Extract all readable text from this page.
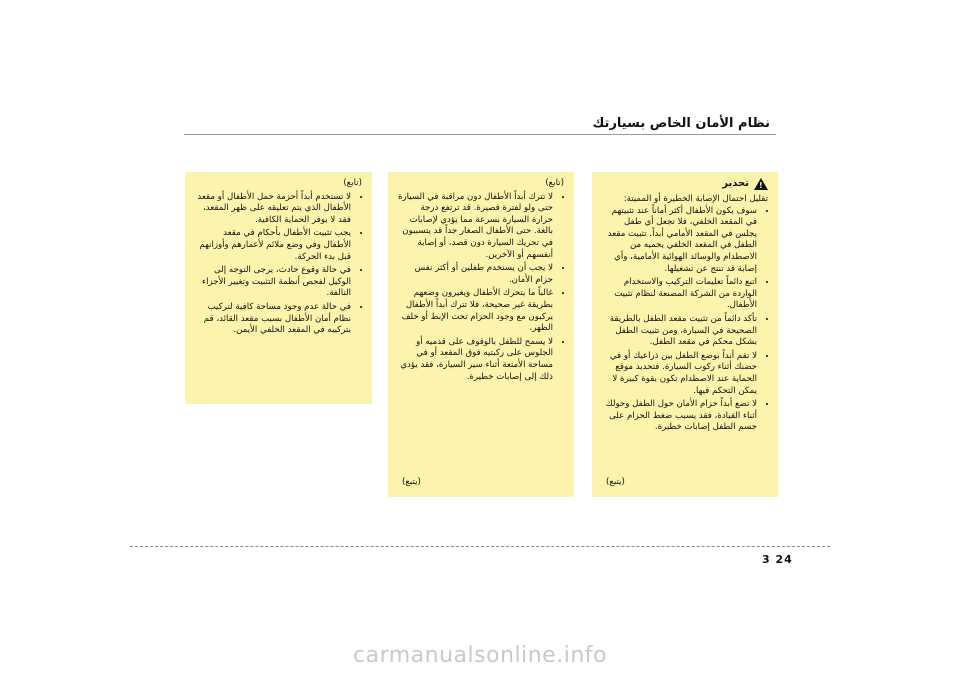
نظام الأمان الخاص بسيارتك
!
تحذير
تقليل احتمال الإصابة الخطيرة أو المميتة:
• سوف يكون الأطفال أكثر أماناً عند تثبيتهم في المقعد الخلفي، فلا تجعل أي طفل يجلس في المقعد الأمامي أبداً. تثبيت مقعد الطفل في المقعد الخلفي يحميه من الاصطدام والوسائد الهوائية الأمامية، وأي إصابة قد تنتج عن تشغيلها.
• اتبع دائماً تعليمات التركيب والاستخدام الواردة من الشركة المصنعة لنظام تثبيت الأطفال.
• تأكد دائماً من تثبيت مقعد الطفل بالطريقة الصحيحة في السيارة، ومن تثبيت الطفل بشكل محكم في مقعد الطفل.
• لا تقم أبداً بوضع الطفل بين ذراعيك أو في حضنك أثناء ركوب السيارة. فتحديد موقع الحماية عند الاصطدام تكون بقوة كبيرة لا يمكن التحكم فيها.
• لا تضع أبداً حزام الأمان حول الطفل وحولك أثناء القيادة، فقد يسبب ضغط الحزام على جسم الطفل إصابات خطيرة.
(يتبع)
(تابع)
• لا تترك أبداً الأطفال دون مراقبة في السيارة حتى ولو لفترة قصيرة. قد ترتفع درجة حرارة السيارة بسرعة مما يؤدي لإصابات بالغة. حتى الأطفال الصغار جداً قد يتسببون في تحريك السيارة دون قصد، أو إصابة أنفسهم أو الآخرين.
• لا يجب أن يستخدم طفلين أو أكثر نفس حزام الأمان.
• غالباً ما يتحرك الأطفال ويغيرون وضعهم بطريقة غير صحيحة، فلا تترك أبداً الأطفال يركبون مع وجود الحزام تحت الإبط أو خلف الظهر.
• لا يسمح للطفل بالوقوف على قدميه أو الجلوس على ركبتيه فوق المقعد أو في مساحة الأمتعة أثناء سير السيارة، فقد يؤدي ذلك إلى إصابات خطيرة.
(يتبع)
(تابع)
• لا تستخدم أبداً أحزمة حمل الأطفال أو مقعد الأطفال الذي يتم تعليقه على ظهر المقعد، فقد لا يوفر الحماية الكافية.
• يجب تثبيت الأطفال بأحكام في مقعد الأطفال وفي وضع ملائم لأعمارهم وأوزانهم قبل بدء الحركة.
• في حالة وقوع حادث، يرجى التوجه إلى الوكيل لفحص أنظمة التثبيت وتغيير الأجزاء التالفة.
• في حالة عدم وجود مساحة كافية لتركيب نظام أمان الأطفال بسبب مقعد القائد، قم بتركيبه في المقعد الخلفي الأيمن.
3 24
carmanualsonline.info
